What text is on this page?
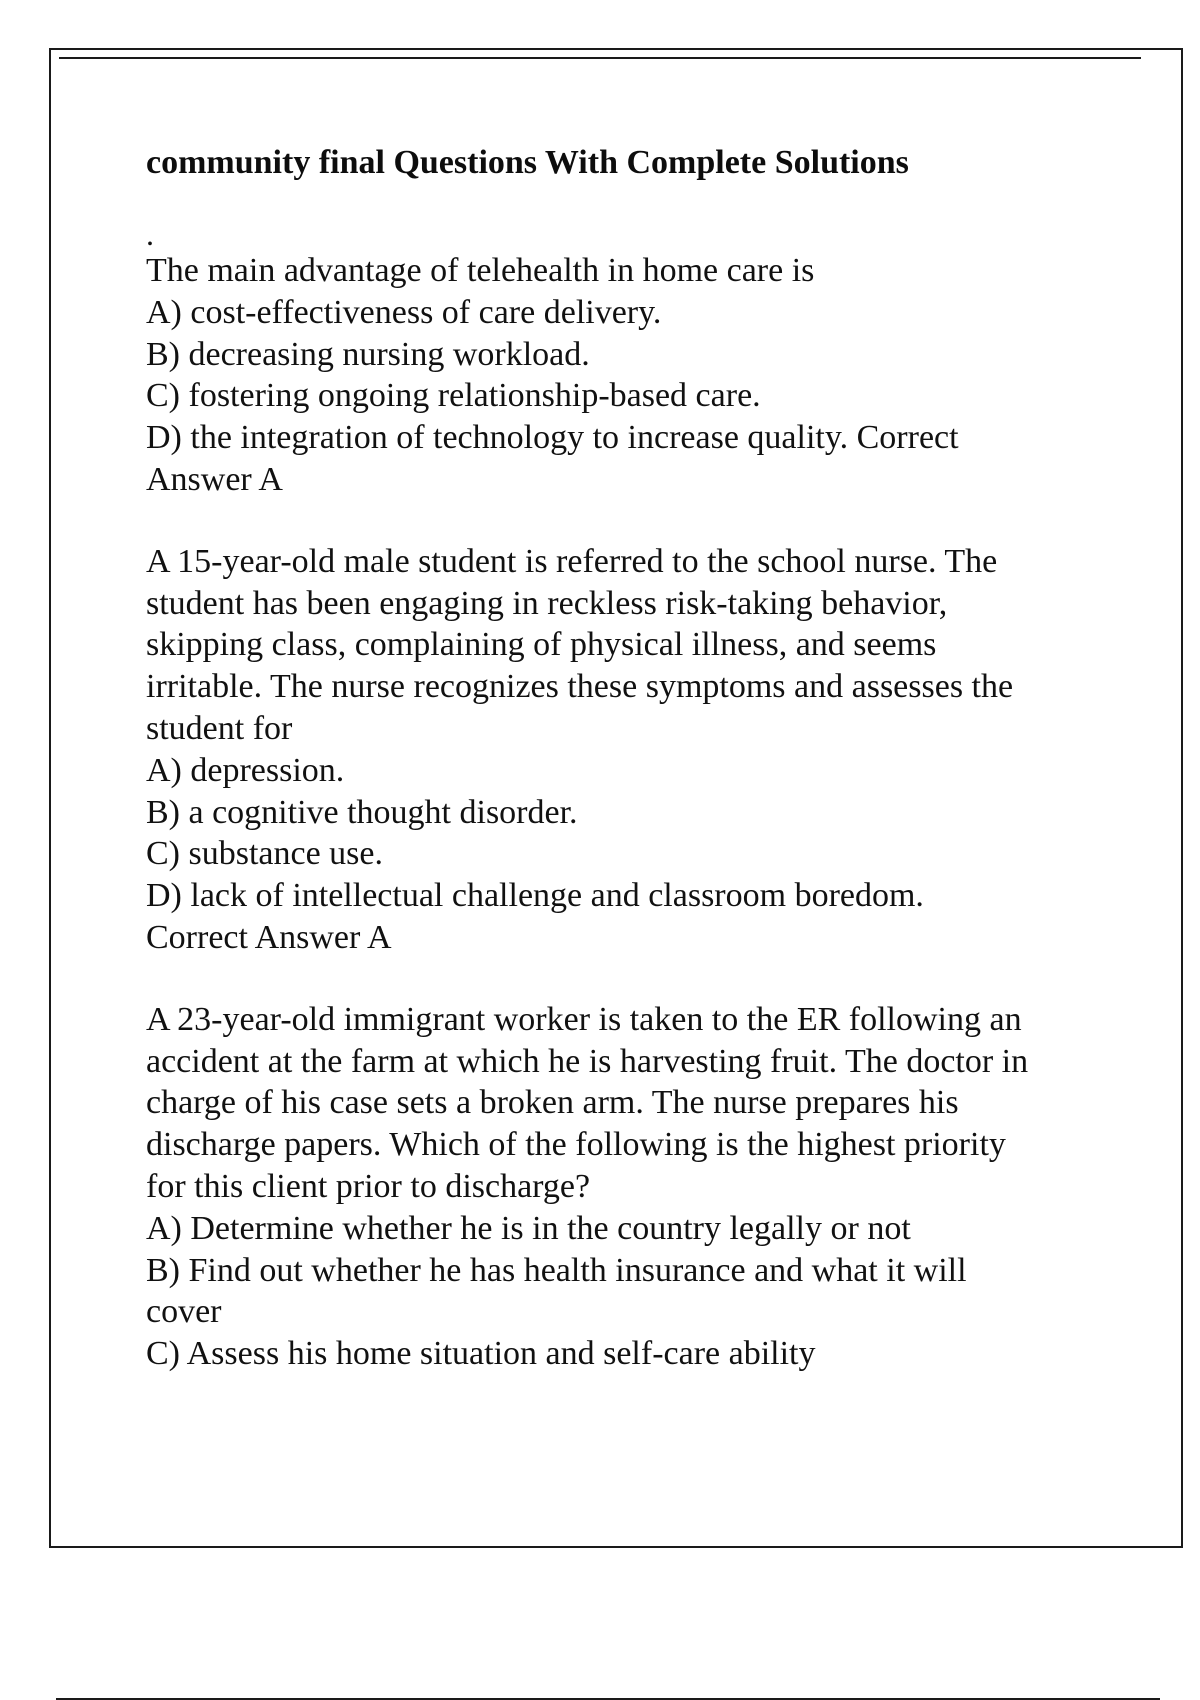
community final Questions With Complete Solutions
.
The main advantage of telehealth in home care is
A) cost-effectiveness of care delivery.
B) decreasing nursing workload.
C) fostering ongoing relationship-based care.
D) the integration of technology to increase quality. Correct
Answer A
A 15-year-old male student is referred to the school nurse. The
student has been engaging in reckless risk-taking behavior,
skipping class, complaining of physical illness, and seems
irritable. The nurse recognizes these symptoms and assesses the
student for
A) depression.
B) a cognitive thought disorder.
C) substance use.
D) lack of intellectual challenge and classroom boredom.
Correct Answer A
A 23-year-old immigrant worker is taken to the ER following an
accident at the farm at which he is harvesting fruit. The doctor in
charge of his case sets a broken arm. The nurse prepares his
discharge papers. Which of the following is the highest priority
for this client prior to discharge?
A) Determine whether he is in the country legally or not
B) Find out whether he has health insurance and what it will
cover
C) Assess his home situation and self-care ability
